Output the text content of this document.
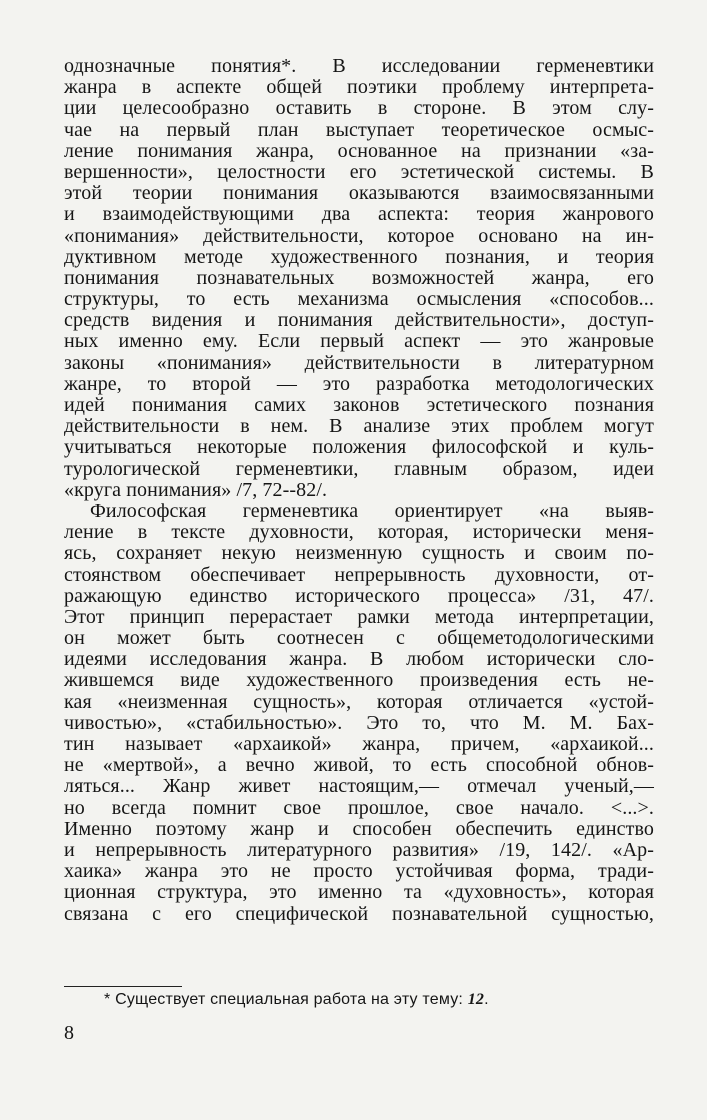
однозначные понятия*. В исследовании герменевтики
жанра в аспекте общей поэтики проблему интерпрета-
ции целесообразно оставить в стороне. В этом слу-
чае на первый план выступает теоретическое осмыс-
ление понимания жанра, основанное на признании «за-
вершенности», целостности его эстетической системы. В
этой теории понимания оказываются взаимосвязанными
и взаимодействующими два аспекта: теория жанрового
«понимания» действительности, которое основано на ин-
дуктивном методе художественного познания, и теория
понимания познавательных возможностей жанра, его
структуры, то есть механизма осмысления «способов...
средств видения и понимания действительности», доступ-
ных именно ему. Если первый аспект — это жанровые
законы «понимания» действительности в литературном
жанре, то второй — это разработка методологических
идей понимания самих законов эстетического познания
действительности в нем. В анализе этих проблем могут
учитываться некоторые положения философской и куль-
турологической герменевтики, главным образом, идеи
«круга понимания» /7, 72--82/.
Философская герменевтика ориентирует «на выяв-
ление в тексте духовности, которая, исторически меня-
ясь, сохраняет некую неизменную сущность и своим по-
стоянством обеспечивает непрерывность духовности, от-
ражающую единство исторического процесса» /31, 47/.
Этот принцип перерастает рамки метода интерпретации,
он может быть соотнесен с общеметодологическими
идеями исследования жанра. В любом исторически сло-
жившемся виде художественного произведения есть не-
кая «неизменная сущность», которая отличается «устой-
чивостью», «стабильностью». Это то, что М. М. Бах-
тин называет «архаикой» жанра, причем, «архаикой...
не «мертвой», а вечно живой, то есть способной обнов-
ляться... Жанр живет настоящим,— отмечал ученый,—
но всегда помнит свое прошлое, свое начало. <...>.
Именно поэтому жанр и способен обеспечить единство
и непрерывность литературного развития» /19, 142/. «Ар-
хаика» жанра это не просто устойчивая форма, тради-
ционная структура, это именно та «духовность», которая
связана с его специфической познавательной сущностью,
* Существует специальная работа на эту тему: 12.
8
